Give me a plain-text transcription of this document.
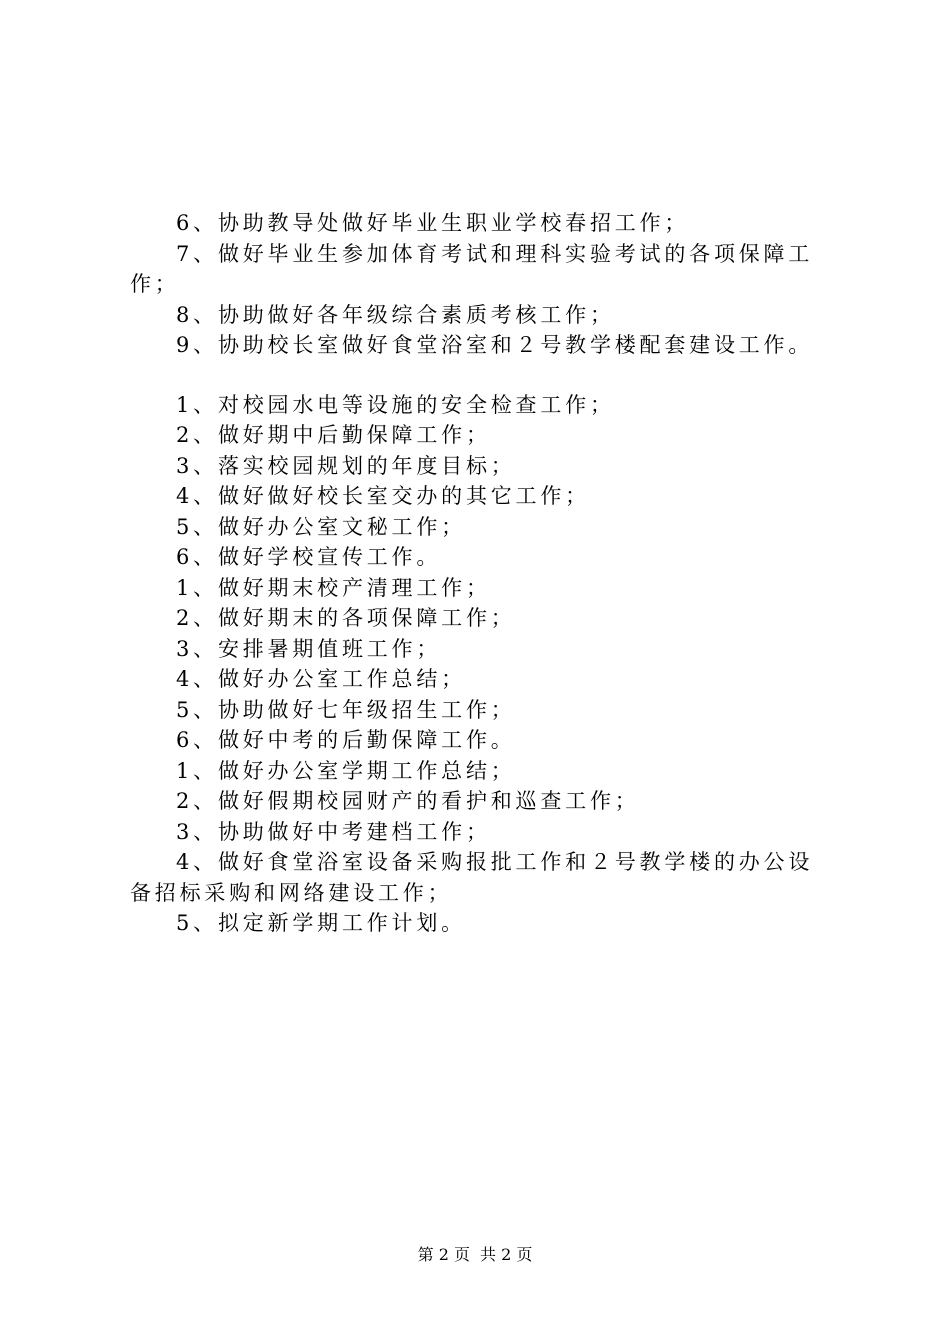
6、协助教导处做好毕业生职业学校春招工作；
7、做好毕业生参加体育考试和理科实验考试的各项保障工
作；
8、协助做好各年级综合素质考核工作；
9、协助校长室做好食堂浴室和２号教学楼配套建设工作。
1、对校园水电等设施的安全检查工作；
2、做好期中后勤保障工作；
3、落实校园规划的年度目标；
4、做好做好校长室交办的其它工作；
5、做好办公室文秘工作；
6、做好学校宣传工作。
1、做好期末校产清理工作；
2、做好期末的各项保障工作；
3、安排暑期值班工作；
4、做好办公室工作总结；
5、协助做好七年级招生工作；
6、做好中考的后勤保障工作。
1、做好办公室学期工作总结；
2、做好假期校园财产的看护和巡查工作；
3、协助做好中考建档工作；
4、做好食堂浴室设备采购报批工作和２号教学楼的办公设
备招标采购和网络建设工作；
5、拟定新学期工作计划。
第 2 页 共 2 页
